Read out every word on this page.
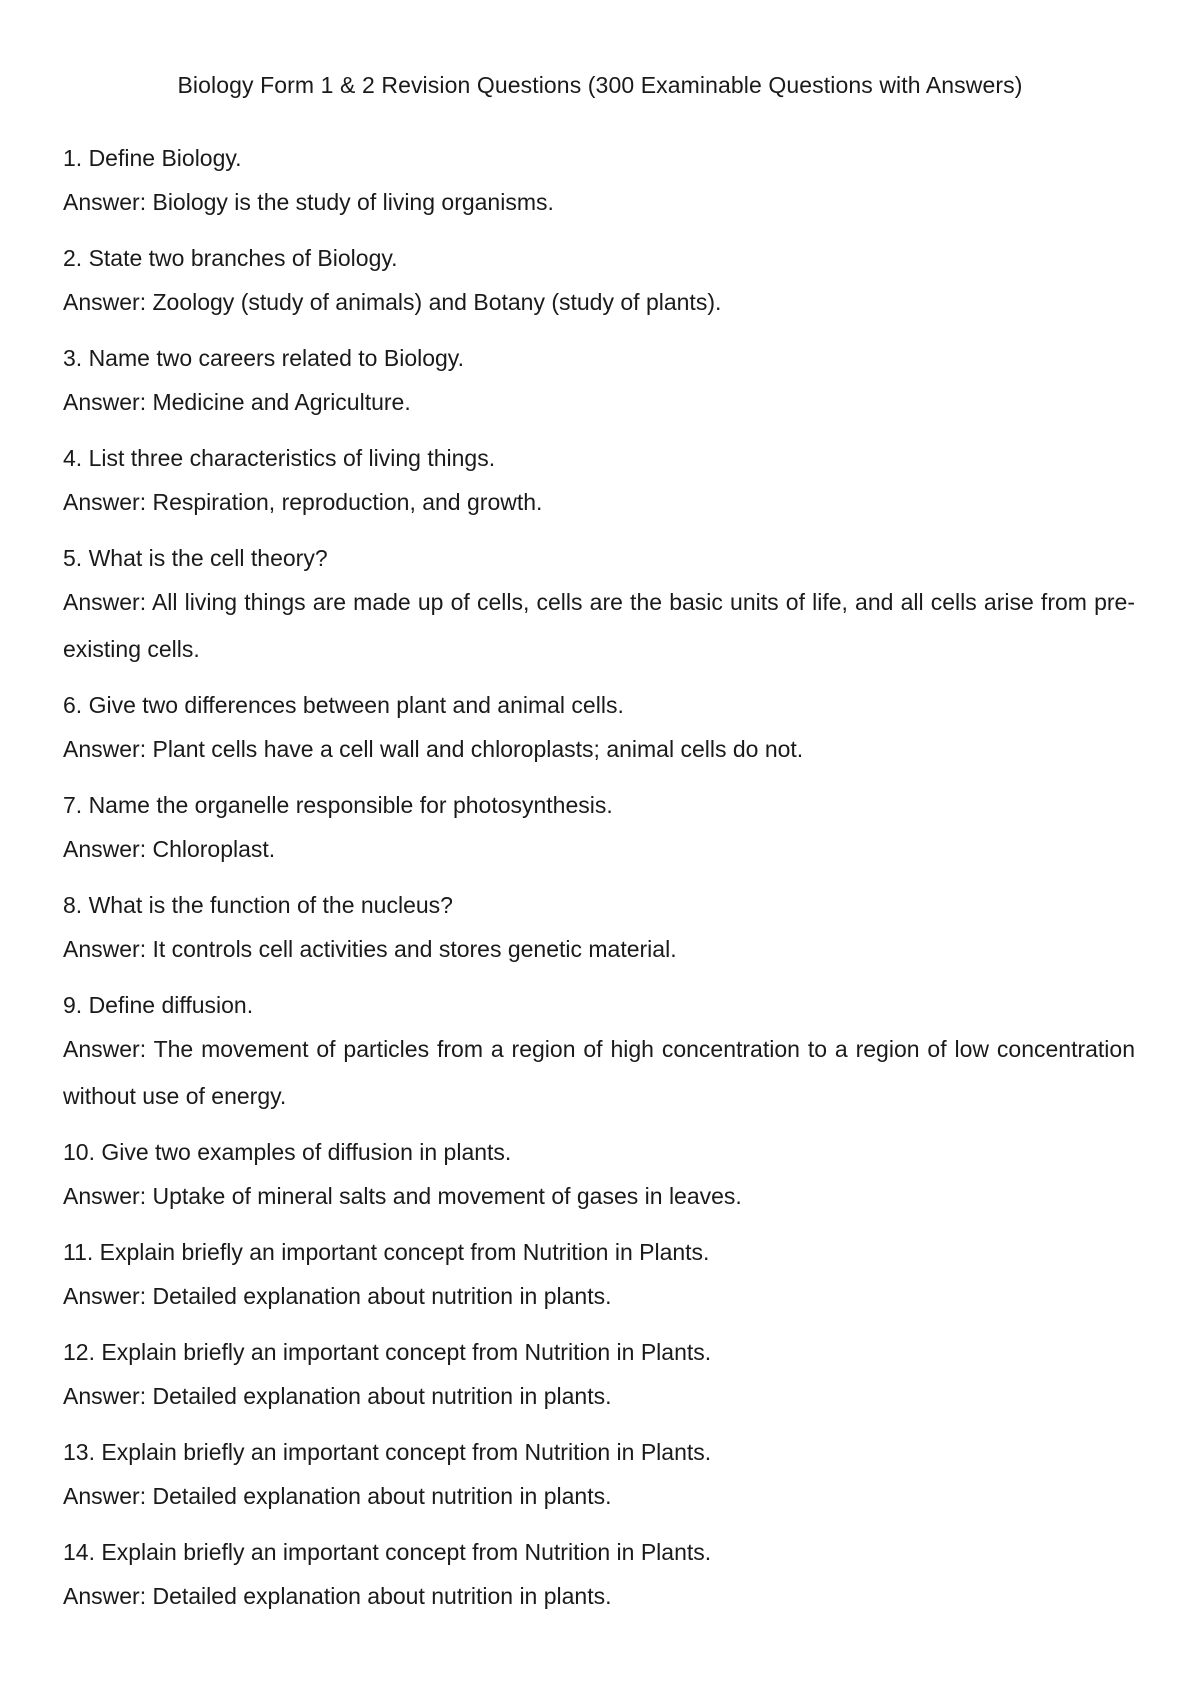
Biology Form 1 & 2 Revision Questions (300 Examinable Questions with Answers)

1. Define Biology.

Answer: Biology is the study of living organisms.

2. State two branches of Biology.

Answer: Zoology (study of animals) and Botany (study of plants).

3. Name two careers related to Biology.

Answer: Medicine and Agriculture.

4. List three characteristics of living things.

Answer: Respiration, reproduction, and growth.

5. What is the cell theory?

Answer: All living things are made up of cells, cells are the basic units of life, and all cells arise from pre-existing cells.

6. Give two differences between plant and animal cells.

Answer: Plant cells have a cell wall and chloroplasts; animal cells do not.

7. Name the organelle responsible for photosynthesis.

Answer: Chloroplast.

8. What is the function of the nucleus?

Answer: It controls cell activities and stores genetic material.

9. Define diffusion.

Answer: The movement of particles from a region of high concentration to a region of low concentration without use of energy.

10. Give two examples of diffusion in plants.

Answer: Uptake of mineral salts and movement of gases in leaves.

11. Explain briefly an important concept from Nutrition in Plants.

Answer: Detailed explanation about nutrition in plants.

12. Explain briefly an important concept from Nutrition in Plants.

Answer: Detailed explanation about nutrition in plants.

13. Explain briefly an important concept from Nutrition in Plants.

Answer: Detailed explanation about nutrition in plants.

14. Explain briefly an important concept from Nutrition in Plants.

Answer: Detailed explanation about nutrition in plants.
